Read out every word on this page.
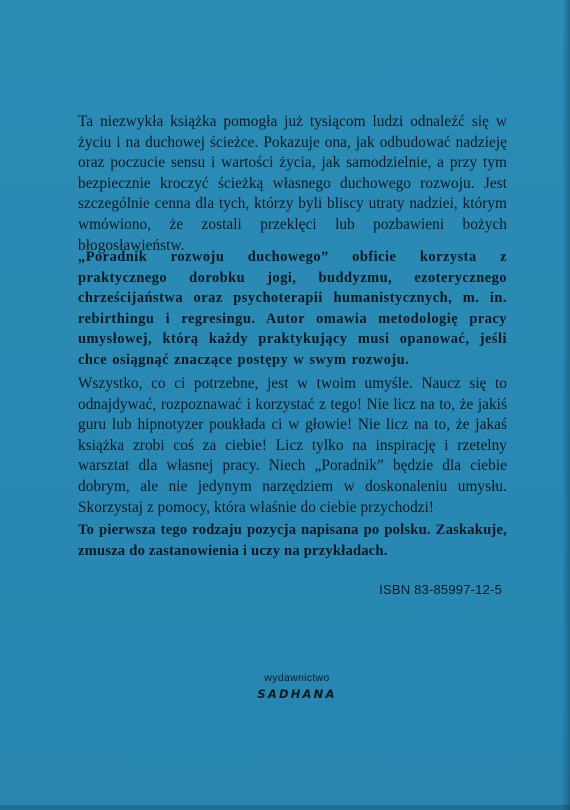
Ta niezwykła książka pomogła już tysiącom ludzi odnaleźć się w życiu i na duchowej ścieżce. Pokazuje ona, jak odbudować nadzieję oraz poczucie sensu i wartości życia, jak samodzielnie, a przy tym bezpiecznie kroczyć ścieżką własnego duchowego rozwoju. Jest szczególnie cenna dla tych, którzy byli bliscy utraty nadziei, którym wmówiono, że zostali przeklęci lub pozbawieni bożych błogosławieństw.
„Poradnik rozwoju duchowego” obficie korzysta z praktycznego dorobku jogi, buddyzmu, ezoterycznego chrześcijaństwa oraz psychoterapii humanistycznych, m. in. rebirthingu i regresingu. Autor omawia metodologię pracy umysłowej, którą każdy praktykujący musi opanować, jeśli chce osiągnąć znaczące postępy w swym rozwoju.
Wszystko, co ci potrzebne, jest w twoim umyśle. Naucz się to odnajdywać, rozpoznawać i korzystać z tego! Nie licz na to, że jakiś guru lub hipnotyzer poukłada ci w głowie! Nie licz na to, że jakaś książka zrobi coś za ciebie! Licz tylko na inspirację i rzetelny warsztat dla własnej pracy. Niech „Poradnik” będzie dla ciebie dobrym, ale nie jedynym narzędziem w doskonaleniu umysłu. Skorzystaj z pomocy, która właśnie do ciebie przychodzi!
To pierwsza tego rodzaju pozycja napisana po polsku. Zaskakuje, zmusza do zastanowienia i uczy na przykładach.
ISBN 83-85997-12-5
wydawnictwo
SADHANA
